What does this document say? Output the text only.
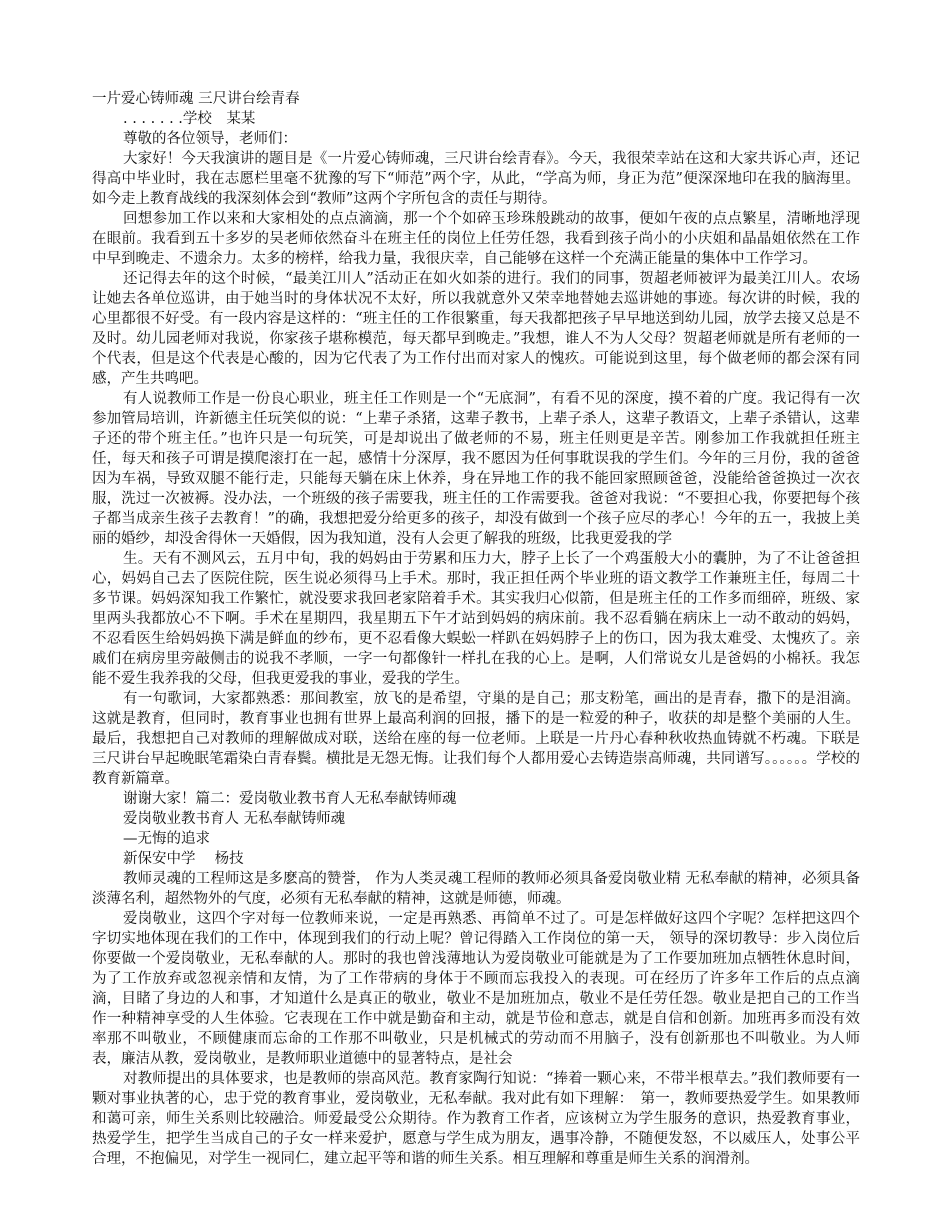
一片爱心铸师魂 三尺讲台绘青春

. . . . . . .学校　某某

尊敬的各位领导，老师们：

大家好！今天我演讲的题目是《一片爱心铸师魂，三尺讲台绘青春》。今天，我很荣幸站在这和大家共诉心声，还记得高中毕业时，我在志愿栏里毫不犹豫的写下“师范”两个字，从此，“学高为师，身正为范”便深深地印在我的脑海里。如今走上教育战线的我深刻体会到“教师”这两个字所包含的责任与期待。

回想参加工作以来和大家相处的点点滴滴，那一个个如碎玉珍珠般跳动的故事，便如午夜的点点繁星，清晰地浮现在眼前。我看到五十多岁的吴老师依然奋斗在班主任的岗位上任劳任怨，我看到孩子尚小的小庆姐和晶晶姐依然在工作中早到晚走、不遗余力。太多的榜样，给我力量，我很庆幸，自己能够在这样一个充满正能量的集体中工作学习。

还记得去年的这个时候，“最美江川人”活动正在如火如荼的进行。我们的同事，贺超老师被评为最美江川人。农场让她去各单位巡讲，由于她当时的身体状况不太好，所以我就意外又荣幸地替她去巡讲她的事迹。每次讲的时候，我的心里都很不好受。有一段内容是这样的：“班主任的工作很繁重，每天我都把孩子早早地送到幼儿园，放学去接又总是不及时。幼儿园老师对我说，你家孩子堪称模范，每天都早到晚走。”我想，谁人不为人父母？贺超老师就是所有老师的一个代表，但是这个代表是心酸的，因为它代表了为工作付出而对家人的愧疚。可能说到这里，每个做老师的都会深有同感，产生共鸣吧。

有人说教师工作是一份良心职业，班主任工作则是一个“无底洞”，有看不见的深度，摸不着的广度。我记得有一次参加管局培训，许新德主任玩笑似的说：“上辈子杀猪，这辈子教书，上辈子杀人，这辈子教语文，上辈子杀错认，这辈子还的带个班主任。”也许只是一句玩笑，可是却说出了做老师的不易，班主任则更是辛苦。刚参加工作我就担任班主任，每天和孩子可谓是摸爬滚打在一起，感情十分深厚，我不愿因为任何事耽误我的学生们。今年的三月份，我的爸爸因为车祸，导致双腿不能行走，只能每天躺在床上休养，身在异地工作的我不能回家照顾爸爸，没能给爸爸换过一次衣服，洗过一次被褥。没办法，一个班级的孩子需要我，班主任的工作需要我。爸爸对我说：“不要担心我，你要把每个孩子都当成亲生孩子去教育！”的确，我想把爱分给更多的孩子，却没有做到一个孩子应尽的孝心！今年的五一，我披上美丽的婚纱，却没舍得休一天婚假，因为我知道，没有人会更了解我的班级，比我更爱我的学

生。天有不测风云，五月中旬，我的妈妈由于劳累和压力大，脖子上长了一个鸡蛋般大小的囊肿，为了不让爸爸担心，妈妈自己去了医院住院，医生说必须得马上手术。那时，我正担任两个毕业班的语文教学工作兼班主任，每周二十多节课。妈妈深知我工作繁忙，就没要求我回老家陪着手术。其实我归心似箭，但是班主任的工作多而细碎，班级、家里两头我都放心不下啊。手术在星期四，我星期五下午才站到妈妈的病床前。我不忍看躺在病床上一动不敢动的妈妈，不忍看医生给妈妈换下满是鲜血的纱布，更不忍看像大蜈蚣一样趴在妈妈脖子上的伤口，因为我太难受、太愧疚了。亲戚们在病房里旁敲侧击的说我不孝顺，一字一句都像针一样扎在我的心上。是啊，人们常说女儿是爸妈的小棉袄。我怎能不爱生我养我的父母，但我更爱我的事业，爱我的学生。

有一句歌词，大家都熟悉：那间教室，放飞的是希望，守巢的是自己；那支粉笔，画出的是青春，撒下的是泪滴。这就是教育，但同时，教育事业也拥有世界上最高利润的回报，播下的是一粒爱的种子，收获的却是整个美丽的人生。最后，我想把自己对教师的理解做成对联，送给在座的每一位老师。上联是一片丹心春种秋收热血铸就不朽魂。下联是三尺讲台早起晚眠笔霜染白青春鬓。横批是无怨无悔。让我们每个人都用爱心去铸造崇高师魂，共同谱写。。。。。。学校的教育新篇章。

谢谢大家！篇二：爱岗敬业教书育人无私奉献铸师魂

爱岗敬业教书育人 无私奉献铸师魂

—无悔的追求

新保安中学　 杨技

教师灵魂的工程师这是多麽高的赞誉， 作为人类灵魂工程师的教师必须具备爱岗敬业精 无私奉献的精神，必须具备淡薄名利，超然物外的气度，必须有无私奉献的精神，这就是师德，师魂。

爱岗敬业，这四个字对每一位教师来说，一定是再熟悉、再简单不过了。可是怎样做好这四个字呢？怎样把这四个字切实地体现在我们的工作中，体现到我们的行动上呢？曾记得踏入工作岗位的第一天， 领导的深切教导：步入岗位后你要做一个爱岗敬业，无私奉献的人。那时的我也曾浅薄地认为爱岗敬业可能就是为了工作要加班加点牺牲休息时间，为了工作放弃或忽视亲情和友情，为了工作带病的身体于不顾而忘我投入的表现。可在经历了许多年工作后的点点滴滴，目睹了身边的人和事，才知道什么是真正的敬业，敬业不是加班加点，敬业不是任劳任怨。敬业是把自己的工作当作一种精神享受的人生体验。它表现在工作中就是勤奋和主动，就是节俭和意志，就是自信和创新。加班再多而没有效率那不叫敬业，不顾健康而忘命的工作那不叫敬业，只是机械式的劳动而不用脑子，没有创新那也不叫敬业。为人师表，廉洁从教，爱岗敬业，是教师职业道德中的显著特点，是社会

对教师提出的具体要求，也是教师的崇高风范。教育家陶行知说：“捧着一颗心来，不带半根草去。”我们教师要有一颗对事业执著的心，忠于党的教育事业，爱岗敬业，无私奉献。我对此有如下理解：　第一，教师要热爱学生。如果教师和蔼可亲，师生关系则比较融洽。师爱最受公众期待。作为教育工作者，应该树立为学生服务的意识，热爱教育事业，热爱学生，把学生当成自己的子女一样来爱护，愿意与学生成为朋友，遇事冷静，不随便发怒，不以威压人，处事公平合理，不抱偏见，对学生一视同仁，建立起平等和谐的师生关系。相互理解和尊重是师生关系的润滑剂。
